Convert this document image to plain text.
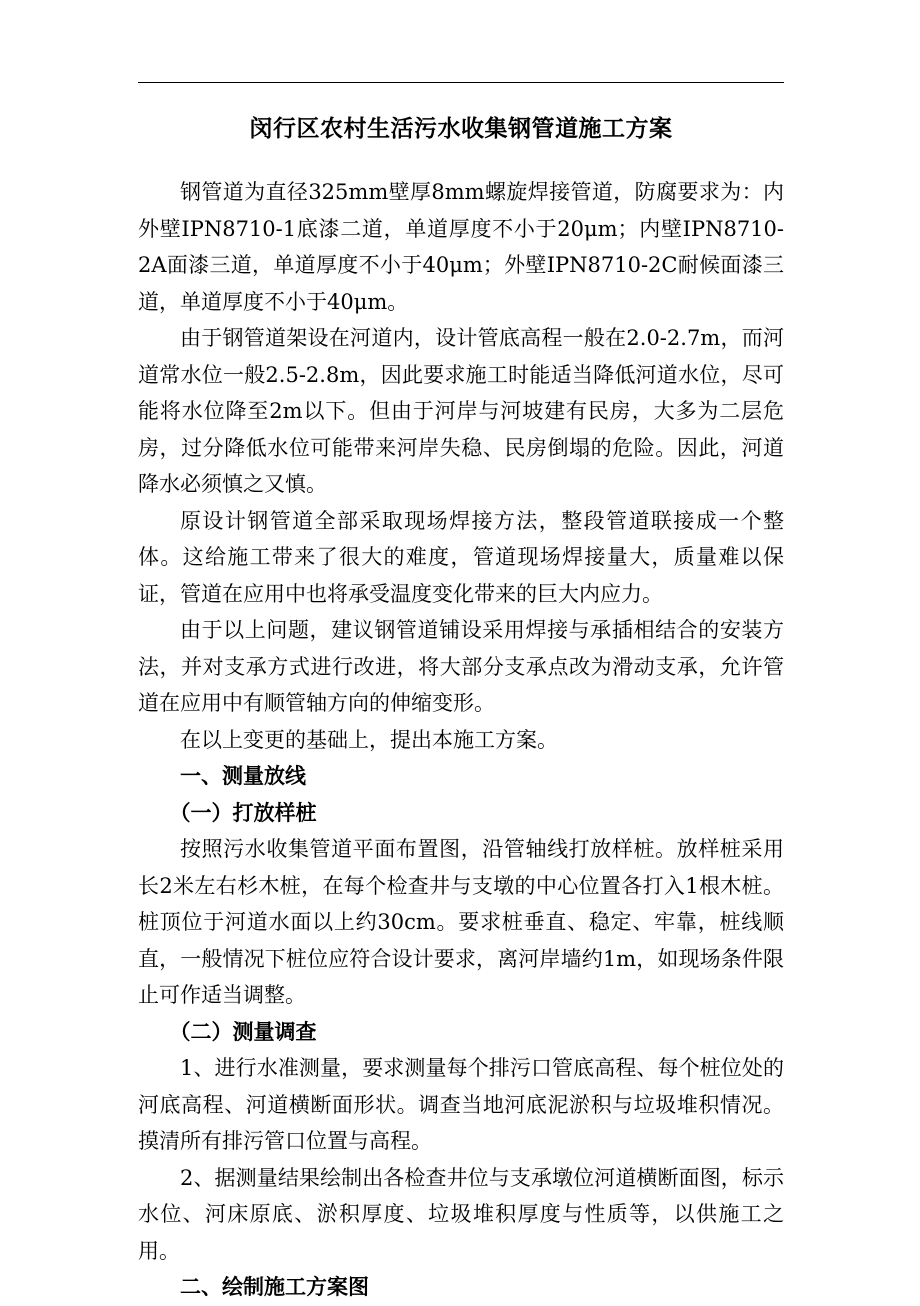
闵行区农村生活污水收集钢管道施工方案

钢管道为直径325mm壁厚8mm螺旋焊接管道，防腐要求为：内外壁IPN8710-1底漆二道，单道厚度不小于20μm；内壁IPN8710-2A面漆三道，单道厚度不小于40μm；外壁IPN8710-2C耐候面漆三道，单道厚度不小于40μm。

由于钢管道架设在河道内，设计管底高程一般在2.0-2.7m，而河道常水位一般2.5-2.8m，因此要求施工时能适当降低河道水位，尽可能将水位降至2m以下。但由于河岸与河坡建有民房，大多为二层危房，过分降低水位可能带来河岸失稳、民房倒塌的危险。因此，河道降水必须慎之又慎。

原设计钢管道全部采取现场焊接方法，整段管道联接成一个整体。这给施工带来了很大的难度，管道现场焊接量大，质量难以保证，管道在应用中也将承受温度变化带来的巨大内应力。

由于以上问题，建议钢管道铺设采用焊接与承插相结合的安装方法，并对支承方式进行改进，将大部分支承点改为滑动支承，允许管道在应用中有顺管轴方向的伸缩变形。

在以上变更的基础上，提出本施工方案。

一、测量放线

（一）打放样桩

按照污水收集管道平面布置图，沿管轴线打放样桩。放样桩采用长2米左右杉木桩，在每个检查井与支墩的中心位置各打入1根木桩。桩顶位于河道水面以上约30cm。要求桩垂直、稳定、牢靠，桩线顺直，一般情况下桩位应符合设计要求，离河岸墙约1m，如现场条件限止可作适当调整。

（二）测量调查

1、进行水准测量，要求测量每个排污口管底高程、每个桩位处的河底高程、河道横断面形状。调查当地河底泥淤积与垃圾堆积情况。摸清所有排污管口位置与高程。

2、据测量结果绘制出各检查井位与支承墩位河道横断面图，标示水位、河床原底、淤积厚度、垃圾堆积厚度与性质等，以供施工之用。

二、绘制施工方案图
